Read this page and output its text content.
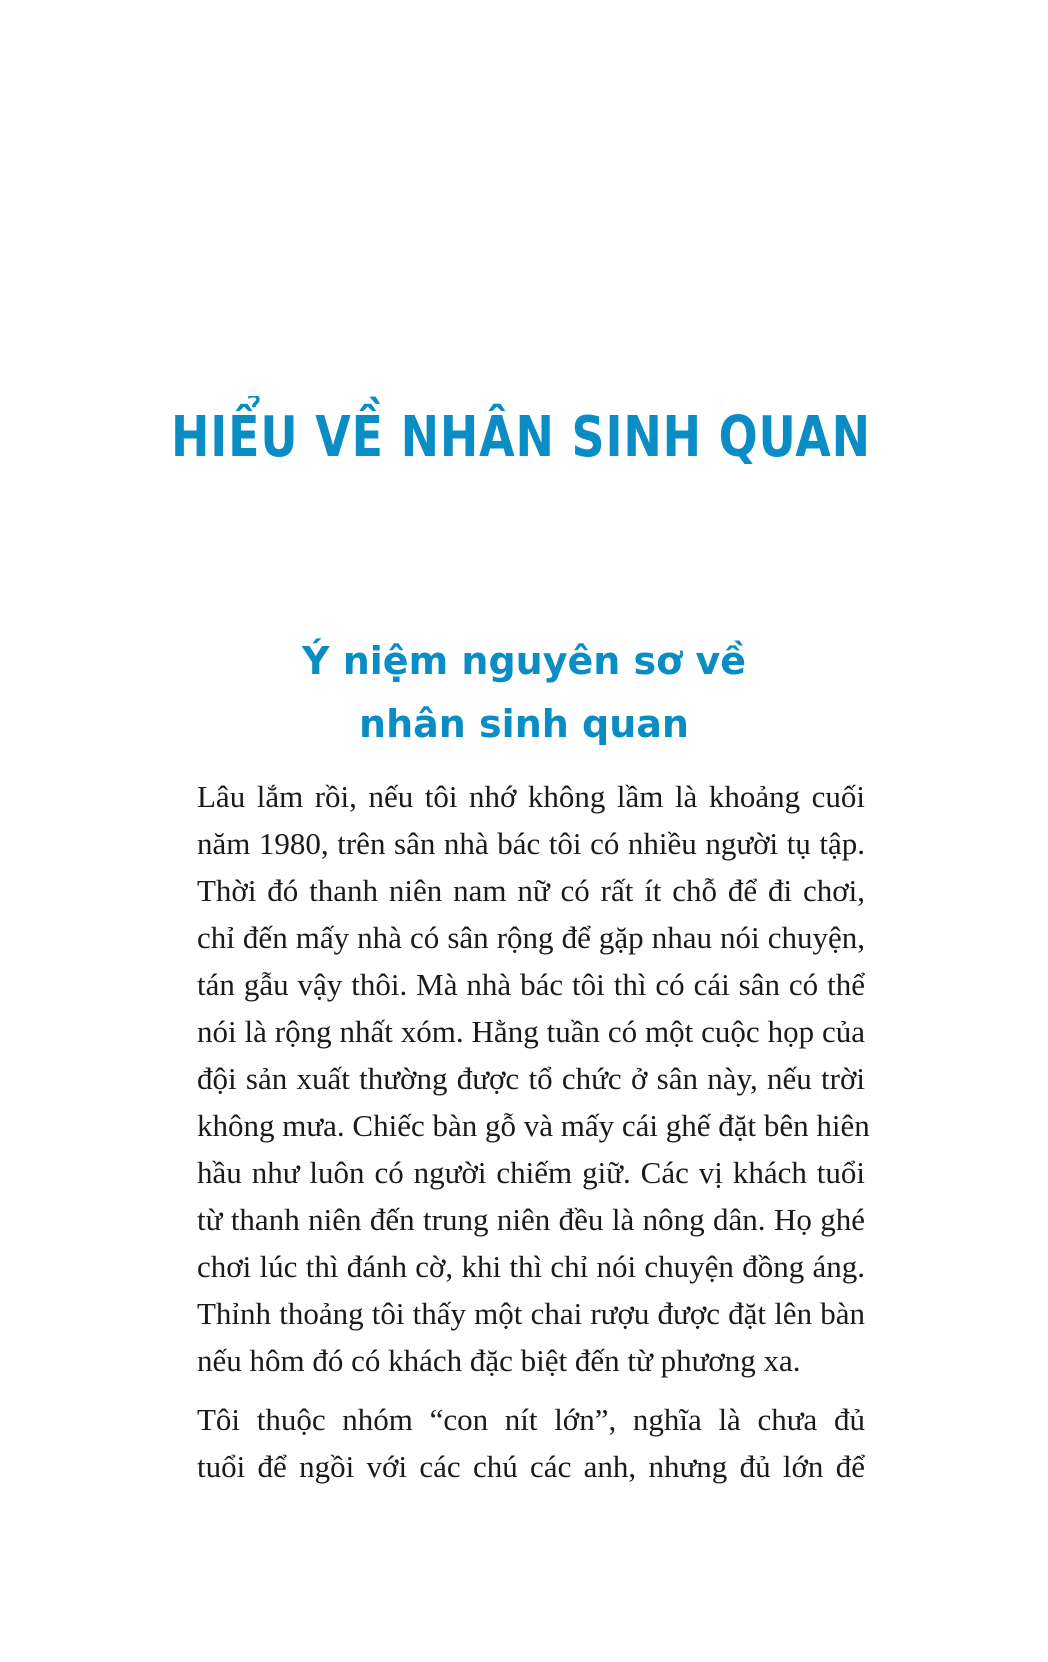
HIỂU VỀ NHÂN SINH QUAN
Ý niệm nguyên sơ về
nhân sinh quan

Lâu lắm rồi, nếu tôi nhớ không lầm là khoảng cuối
năm 1980, trên sân nhà bác tôi có nhiều người tụ tập.
Thời đó thanh niên nam nữ có rất ít chỗ để đi chơi,
chỉ đến mấy nhà có sân rộng để gặp nhau nói chuyện,
tán gẫu vậy thôi. Mà nhà bác tôi thì có cái sân có thể
nói là rộng nhất xóm. Hằng tuần có một cuộc họp của
đội sản xuất thường được tổ chức ở sân này, nếu trời
không mưa. Chiếc bàn gỗ và mấy cái ghế đặt bên hiên
hầu như luôn có người chiếm giữ. Các vị khách tuổi
từ thanh niên đến trung niên đều là nông dân. Họ ghé
chơi lúc thì đánh cờ, khi thì chỉ nói chuyện đồng áng.
Thỉnh thoảng tôi thấy một chai rượu được đặt lên bàn
nếu hôm đó có khách đặc biệt đến từ phương xa.

Tôi thuộc nhóm “con nít lớn”, nghĩa là chưa đủ
tuổi để ngồi với các chú các anh, nhưng đủ lớn để
